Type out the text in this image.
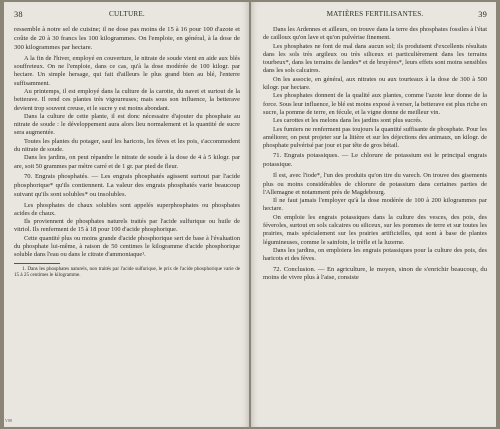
38	CULTURE.

ressemble à notre sel de cuisine; il ne dose pas moins de 15 à 16 pour 100 d'azote et coûte de 20 à 30 francs les 100 kilogrammes. On l'emploie, en général, à la dose de 300 kilogrammes par hectare.

A la fin de l'hiver, employé en couverture, le nitrate de soude vient en aide aux blés souffreteux. On ne l'emploie, dans ce cas, qu'à la dose modérée de 100 kilogr. par hectare. Un simple hersage, qui fait d'ailleurs le plus grand bien au blé, l'enterre suffisamment.

Au printemps, il est employé dans la culture de la carotte, du navet et surtout de la betterave. Il rend ces plantes très vigoureuses; mais sous son influence, la betterave devient trop souvent creuse, et le sucre y est moins abondant.

Dans la culture de cette plante, il est donc nécessaire d'ajouter du phosphate au nitrate de soude : le développement aura alors lieu normalement et la quantité de sucre sera augmentée.

Toutes les plantes du potager, sauf les haricots, les fèves et les pois, s'accommodent du nitrate de soude.

Dans les jardins, on peut répandre le nitrate de soude à la dose de 4 à 5 kilogr. par are, soit 50 grammes par mètre carré et de 1 gr. par pied de fleur.

70. Engrais phosphatés. — Les engrais phosphatés agissent surtout par l'acide phosphorique* qu'ils contiennent. La valeur des engrais phosphatés varie beaucoup suivant qu'ils sont solubles* ou insolubles.

Les phosphates de chaux solubles sont appelés superphosphates ou phosphates acides de chaux.

Ils proviennent de phosphates naturels traités par l'acide sulfurique ou huile de vitriol. Ils renferment de 15 à 18 pour 100 d'acide phosphorique.

Cette quantité plus ou moins grande d'acide phosphorique sert de base à l'évaluation du phosphate lui-même, à raison de 50 centimes le kilogramme d'acide phosphorique soluble dans l'eau ou dans le citrate d'ammoniaque¹.

1. Dans les phosphates naturels, non traités par l'acide sulfurique, le prix de l'acide phosphorique varie de 15 à 25 centimes le kilogramme.

V88
MATIÈRES FERTILISANTES.	39

Dans les Ardennes et ailleurs, on trouve dans la terre des phosphates fossiles à l'état de cailloux qu'on lave et qu'on pulvérise finement.

Les phosphates ne font de mal dans aucun sol; ils produisent d'excellents résultats dans les sols très argileux ou très siliceux et particulièrement dans les terrains tourbeux*, dans les terrains de landes* et de bruyères*, leurs effets sont moins sensibles dans les sols calcaires.

On les associe, en général, aux nitrates ou aux tourteaux à la dose de 300 à 500 kilogr. par hectare.

Les phosphates donnent de la qualité aux plantes, comme l'azote leur donne de la force. Sous leur influence, le blé est moins exposé à verser, la betterave est plus riche en sucre, la pomme de terre, en fécule, et la vigne donne de meilleur vin.

Les carottes et les melons dans les jardins sont plus sucrés.

Les fumiers ne renferment pas toujours la quantité suffisante de phosphate. Pour les améliorer, on peut projeter sur la litière et sur les déjections des animaux, un kilogr. de phosphate pulvérisé par jour et par tête de gros bétail.

71. Engrais potassiques. — Le chlorure de potassium est le principal engrais potassique.

Il est, avec l'iode*, l'un des produits qu'on tire du varech. On trouve des gisements plus ou moins considérables de chlorure de potassium dans certaines parties de l'Allemagne et notamment près de Magdebourg.

Il ne faut jamais l'employer qu'à la dose modérée de 100 à 200 kilogrammes par hectare.

On emploie les engrais potassiques dans la culture des vesces, des pois, des féveroles, surtout en sols calcaires ou siliceux, sur les pommes de terre et sur toutes les prairies, mais spécialement sur les prairies artificielles, qui sont à base de plantes légumineuses, comme le sainfoin, le trèfle et la luzerne.

Dans les jardins, on emploiera les engrais potassiques pour la culture des pois, des haricots et des fèves.

72. Conclusion. — En agriculture, le moyen, sinon de s'enrichir beaucoup, du moins de vivre plus à l'aise, consiste
